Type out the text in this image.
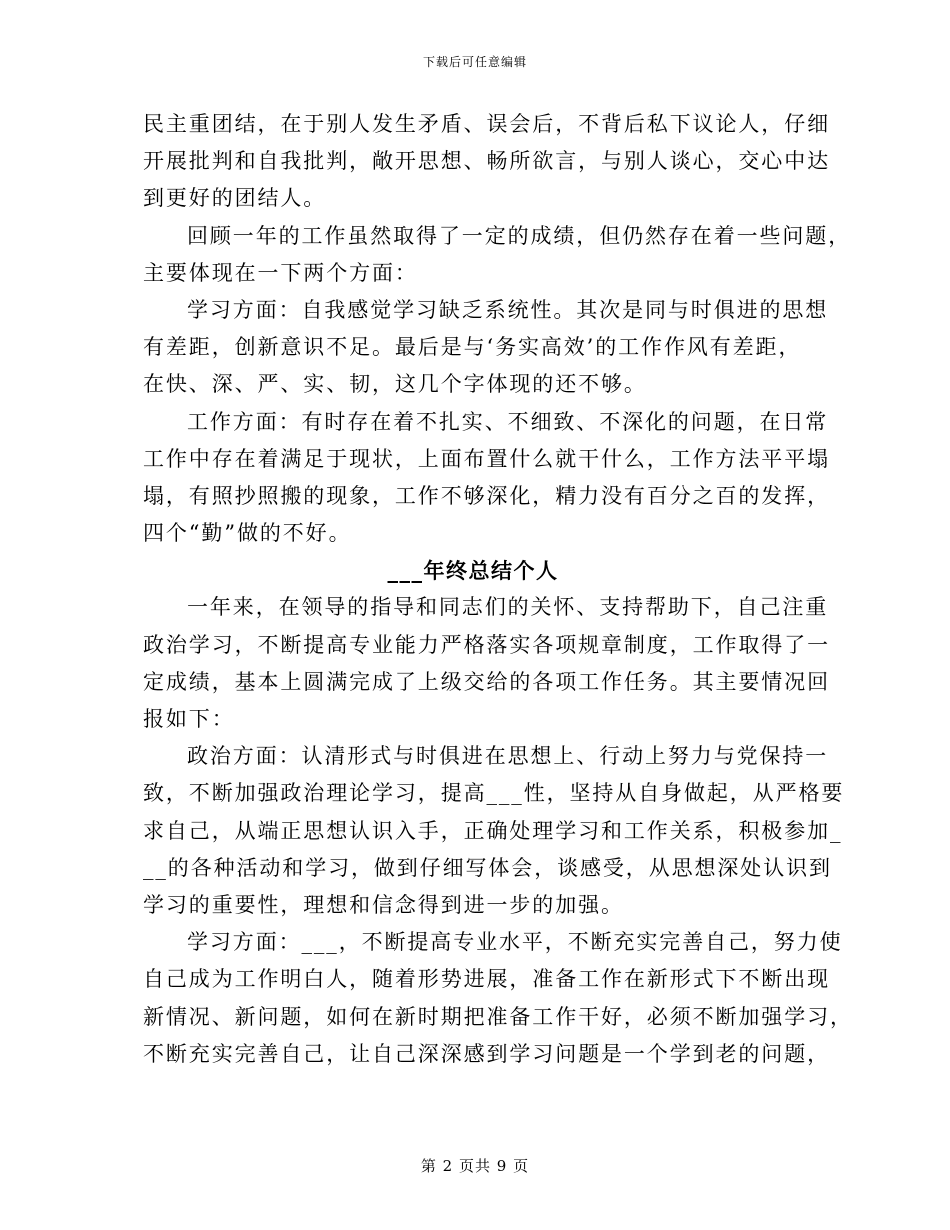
下载后可任意编辑
民主重团结，在于别人发生矛盾、误会后，不背后私下议论人，仔细
开展批判和自我批判，敞开思想、畅所欲言，与别人谈心，交心中达
到更好的团结人。
回顾一年的工作虽然取得了一定的成绩，但仍然存在着一些问题，
主要体现在一下两个方面：
学习方面：自我感觉学习缺乏系统性。其次是同与时俱进的思想
有差距，创新意识不足。最后是与‘务实高效’的工作作风有差距，
在快、深、严、实、韧，这几个字体现的还不够。
工作方面：有时存在着不扎实、不细致、不深化的问题，在日常
工作中存在着满足于现状，上面布置什么就干什么，工作方法平平塌
塌，有照抄照搬的现象，工作不够深化，精力没有百分之百的发挥，
四个“勤”做的不好。
___年终总结个人
一年来，在领导的指导和同志们的关怀、支持帮助下，自己注重
政治学习，不断提高专业能力严格落实各项规章制度，工作取得了一
定成绩，基本上圆满完成了上级交给的各项工作任务。其主要情况回
报如下：
政治方面：认清形式与时俱进在思想上、行动上努力与党保持一
致，不断加强政治理论学习，提高___性，坚持从自身做起，从严格要
求自己，从端正思想认识入手，正确处理学习和工作关系，积极参加_
__的各种活动和学习，做到仔细写体会，谈感受，从思想深处认识到
学习的重要性，理想和信念得到进一步的加强。
学习方面：___，不断提高专业水平，不断充实完善自己，努力使
自己成为工作明白人，随着形势进展，准备工作在新形式下不断出现
新情况、新问题，如何在新时期把准备工作干好，必须不断加强学习，
不断充实完善自己，让自己深深感到学习问题是一个学到老的问题，
第 2 页共 9 页
